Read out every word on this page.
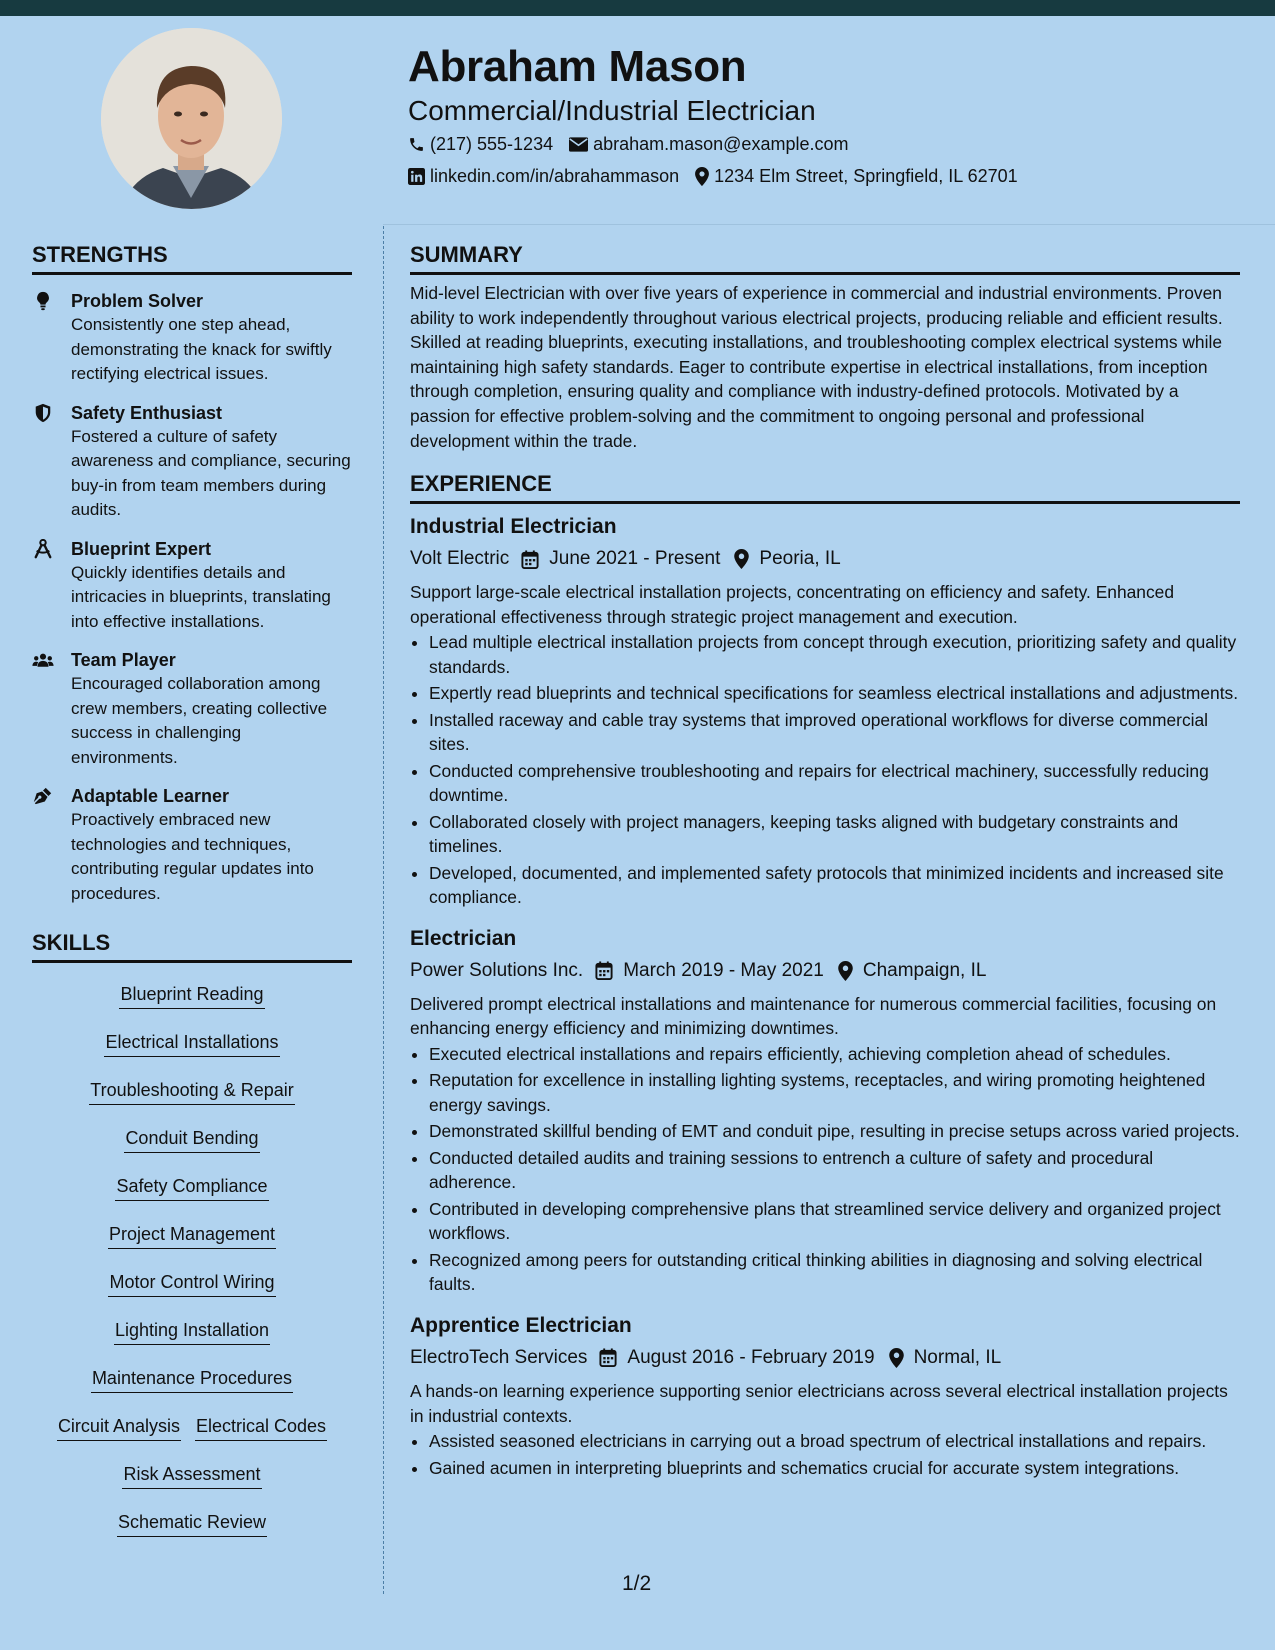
Abraham Mason
Commercial/Industrial Electrician
(217) 555-1234 abraham.mason@example.com
linkedin.com/in/abrahammason 1234 Elm Street, Springfield, IL 62701
STRENGTHS
Problem Solver
Consistently one step ahead, demonstrating the knack for swiftly rectifying electrical issues.
Safety Enthusiast
Fostered a culture of safety awareness and compliance, securing buy-in from team members during audits.
Blueprint Expert
Quickly identifies details and intricacies in blueprints, translating into effective installations.
Team Player
Encouraged collaboration among crew members, creating collective success in challenging environments.
Adaptable Learner
Proactively embraced new technologies and techniques, contributing regular updates into procedures.
SKILLS
Blueprint Reading
Electrical Installations
Troubleshooting & Repair
Conduit Bending
Safety Compliance
Project Management
Motor Control Wiring
Lighting Installation
Maintenance Procedures
Circuit Analysis Electrical Codes
Risk Assessment
Schematic Review
SUMMARY

Mid-level Electrician with over five years of experience in commercial and industrial environments. Proven ability to work independently throughout various electrical projects, producing reliable and efficient results. Skilled at reading blueprints, executing installations, and troubleshooting complex electrical systems while maintaining high safety standards. Eager to contribute expertise in electrical installations, from inception through completion, ensuring quality and compliance with industry-defined protocols. Motivated by a passion for effective problem-solving and the commitment to ongoing personal and professional development within the trade.

EXPERIENCE
Industrial Electrician
Volt Electric June 2021 - Present Peoria, IL
Support large-scale electrical installation projects, concentrating on efficiency and safety. Enhanced operational effectiveness through strategic project management and execution.
• Lead multiple electrical installation projects from concept through execution, prioritizing safety and quality standards.
• Expertly read blueprints and technical specifications for seamless electrical installations and adjustments.
• Installed raceway and cable tray systems that improved operational workflows for diverse commercial sites.
• Conducted comprehensive troubleshooting and repairs for electrical machinery, successfully reducing downtime.
• Collaborated closely with project managers, keeping tasks aligned with budgetary constraints and timelines.
• Developed, documented, and implemented safety protocols that minimized incidents and increased site compliance.
Electrician
Power Solutions Inc. March 2019 - May 2021 Champaign, IL
Delivered prompt electrical installations and maintenance for numerous commercial facilities, focusing on enhancing energy efficiency and minimizing downtimes.
• Executed electrical installations and repairs efficiently, achieving completion ahead of schedules.
• Reputation for excellence in installing lighting systems, receptacles, and wiring promoting heightened energy savings.
• Demonstrated skillful bending of EMT and conduit pipe, resulting in precise setups across varied projects.
• Conducted detailed audits and training sessions to entrench a culture of safety and procedural adherence.
• Contributed in developing comprehensive plans that streamlined service delivery and organized project workflows.
• Recognized among peers for outstanding critical thinking abilities in diagnosing and solving electrical faults.
Apprentice Electrician
ElectroTech Services August 2016 - February 2019 Normal, IL
A hands-on learning experience supporting senior electricians across several electrical installation projects in industrial contexts.
• Assisted seasoned electricians in carrying out a broad spectrum of electrical installations and repairs.
• Gained acumen in interpreting blueprints and schematics crucial for accurate system integrations.
1/2
